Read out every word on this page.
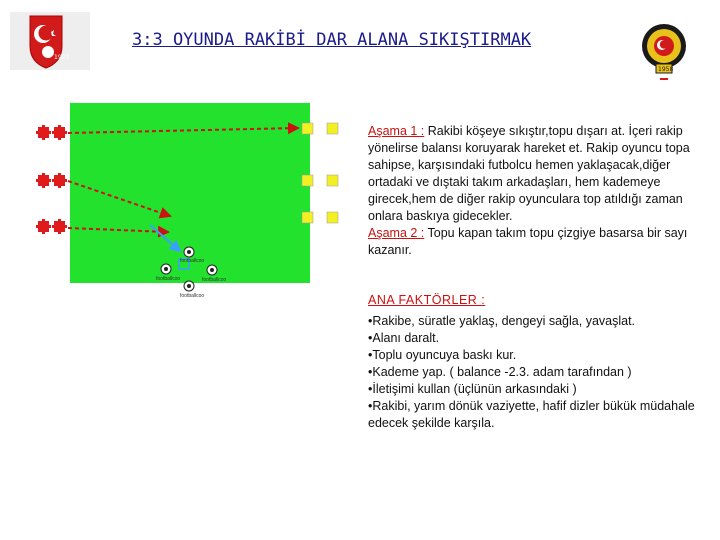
3:3 OYUNDA RAKİBİ DAR ALANA SIKIŞTIRMAK
1923
1958
footballcoo
footballcoo	footballcoo
footballcoo
Aşama 1 : Rakibi köşeye sıkıştır,topu dışarı at. İçeri rakip yönelirse balansı koruyarak hareket et. Rakip oyuncu topa sahipse, karşısındaki futbolcu hemen yaklaşacak,diğer ortadaki ve dıştaki takım arkadaşları, hem kademeye girecek,hem de diğer rakip oyunculara top atıldığı zaman onlara baskıya gidecekler.
Aşama 2 : Topu kapan takım topu çizgiye basarsa bir sayı kazanır.
ANA FAKTÖRLER :
•Rakibe, süratle yaklaş, dengeyi sağla, yavaşlat.
•Alanı daralt.
•Toplu oyuncuya baskı kur.
•Kademe yap. ( balance -2.3. adam tarafından )
•İletişimi kullan (üçlünün arkasındaki )
•Rakibi, yarım dönük vaziyette, hafif dizler bükük müdahale edecek şekilde karşıla.
